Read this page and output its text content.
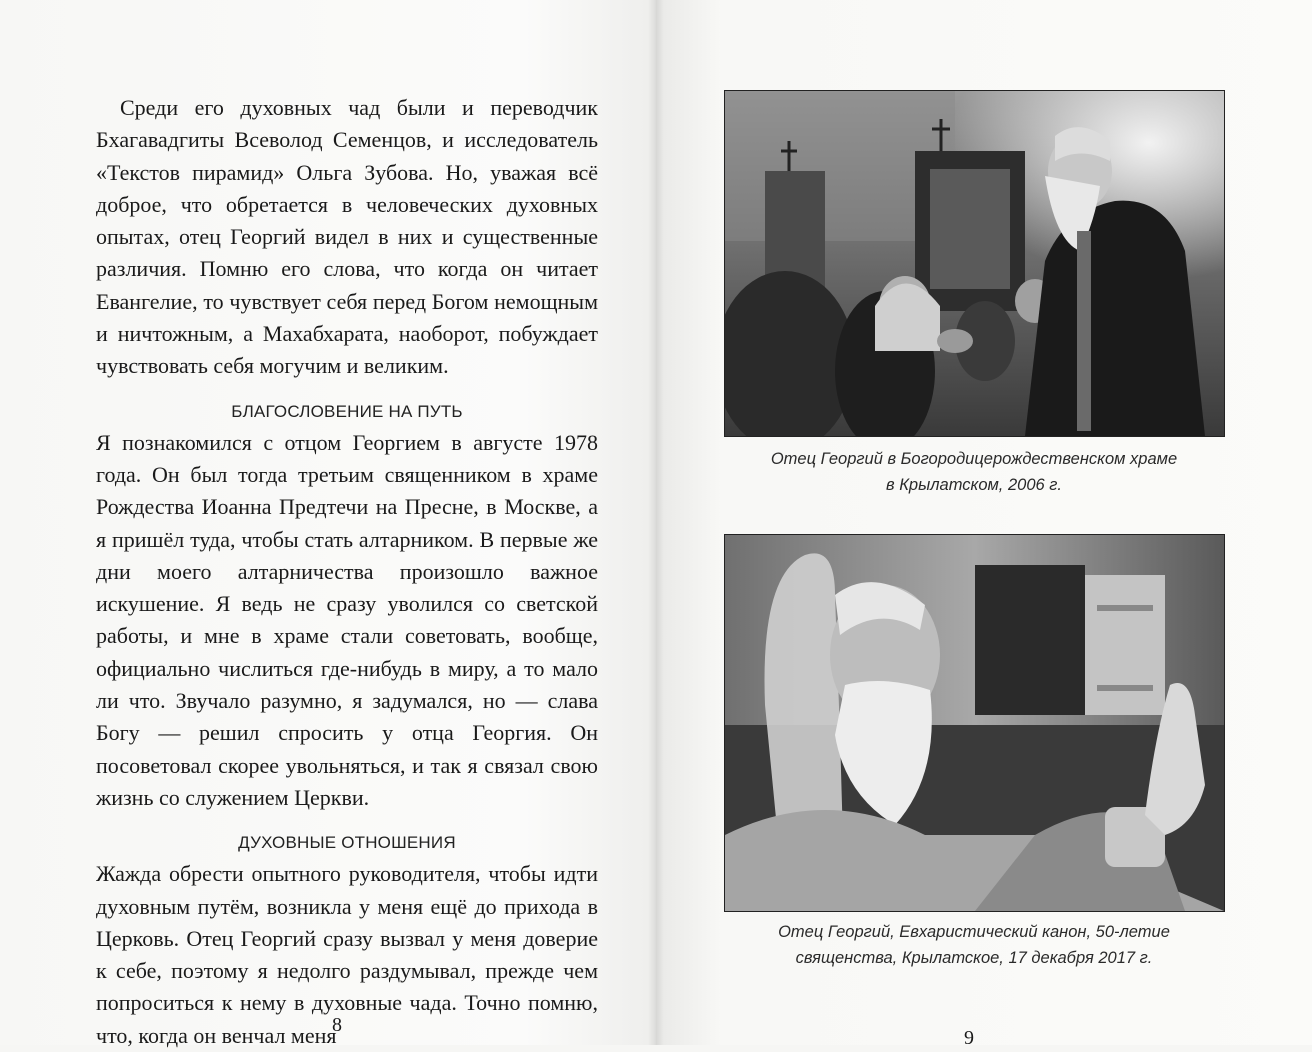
Среди его духовных чад были и переводчик Бхагавадгиты Всеволод Семенцов, и исследователь «Текстов пирамид» Ольга Зубова. Но, уважая всё доброе, что обретается в человеческих духовных опытах, отец Георгий видел в них и существенные различия. Помню его слова, что когда он читает Евангелие, то чувствует себя перед Богом немощным и ничтожным, а Махабхарата, наоборот, побуждает чувствовать себя могучим и великим.

БЛАГОСЛОВЕНИЕ НА ПУТЬ

Я познакомился с отцом Георгием в августе 1978 года. Он был тогда третьим священником в храме Рождества Иоанна Предтечи на Пресне, в Москве, а я пришёл туда, чтобы стать алтарником. В первые же дни моего алтарничества произошло важное искушение. Я ведь не сразу уволился со светской работы, и мне в храме стали советовать, вообще, официально числиться где-нибудь в миру, а то мало ли что. Звучало разумно, я задумался, но — слава Богу — решил спросить у отца Георгия. Он посоветовал скорее увольняться, и так я связал свою жизнь со служением Церкви.

ДУХОВНЫЕ ОТНОШЕНИЯ

Жажда обрести опытного руководителя, чтобы идти духовным путём, возникла у меня ещё до прихода в Церковь. Отец Георгий сразу вызвал у меня доверие к себе, поэтому я недолго раздумывал, прежде чем попроситься к нему в духовные чада. Точно помню, что, когда он венчал меня

8
Отец Георгий в Богородицерождественском храме
в Крылатском, 2006 г.
Отец Георгий, Евхаристический канон, 50-летие
священства, Крылатское, 17 декабря 2017 г.
9
